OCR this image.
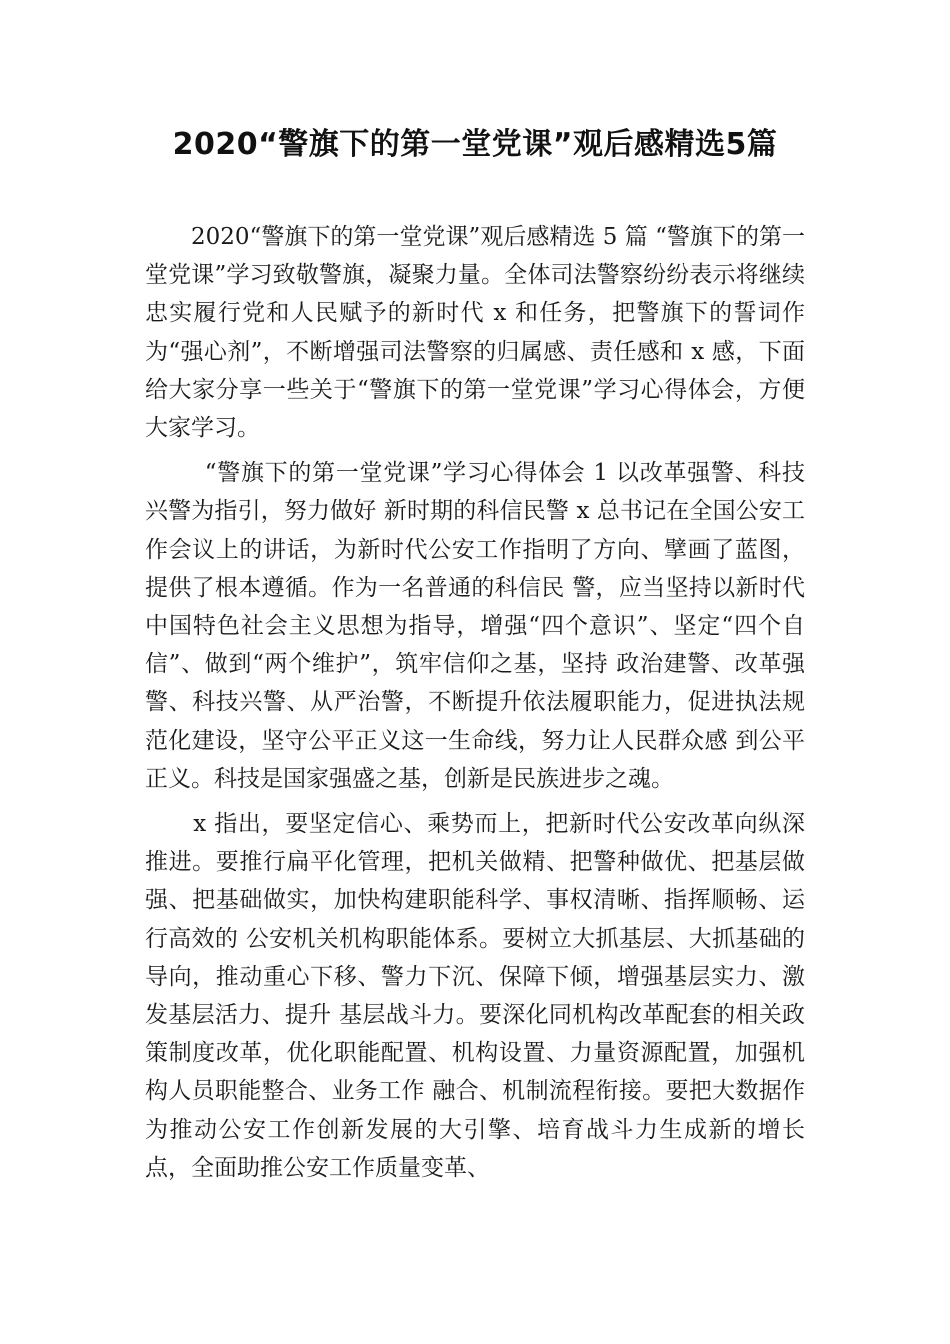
2020“警旗下的第一堂党课”观后感精选5篇

2020“警旗下的第一堂党课”观后感精选 5 篇 “警旗下的第一堂党课”学习致敬警旗，凝聚力量。全体司法警察纷纷表示将继续忠实履行党和人民赋予的新时代 x 和任务，把警旗下的誓词作为“强心剂”，不断增强司法警察的归属感、责任感和 x 感，下面给大家分享一些关于“警旗下的第一堂党课”学习心得体会，方便大家学习。

“警旗下的第一堂党课”学习心得体会 1 以改革强警、科技兴警为指引，努力做好 新时期的科信民警 x 总书记在全国公安工作会议上的讲话，为新时代公安工作指明了方向、擘画了蓝图，提供了根本遵循。作为一名普通的科信民 警，应当坚持以新时代中国特色社会主义思想为指导，增强“四个意识”、坚定“四个自信”、做到“两个维护”，筑牢信仰之基，坚持 政治建警、改革强警、科技兴警、从严治警，不断提升依法履职能力，促进执法规范化建设，坚守公平正义这一生命线，努力让人民群众感 到公平正义。科技是国家强盛之基，创新是民族进步之魂。

x 指出，要坚定信心、乘势而上，把新时代公安改革向纵深 推进。要推行扁平化管理，把机关做精、把警种做优、把基层做强、把基础做实，加快构建职能科学、事权清晰、指挥顺畅、运行高效的 公安机关机构职能体系。要树立大抓基层、大抓基础的导向，推动重心下移、警力下沉、保障下倾，增强基层实力、激发基层活力、提升 基层战斗力。要深化同机构改革配套的相关政策制度改革，优化职能配置、机构设置、力量资源配置，加强机构人员职能整合、业务工作 融合、机制流程衔接。要把大数据作为推动公安工作创新发展的大引擎、培育战斗力生成新的增长点，全面助推公安工作质量变革、
